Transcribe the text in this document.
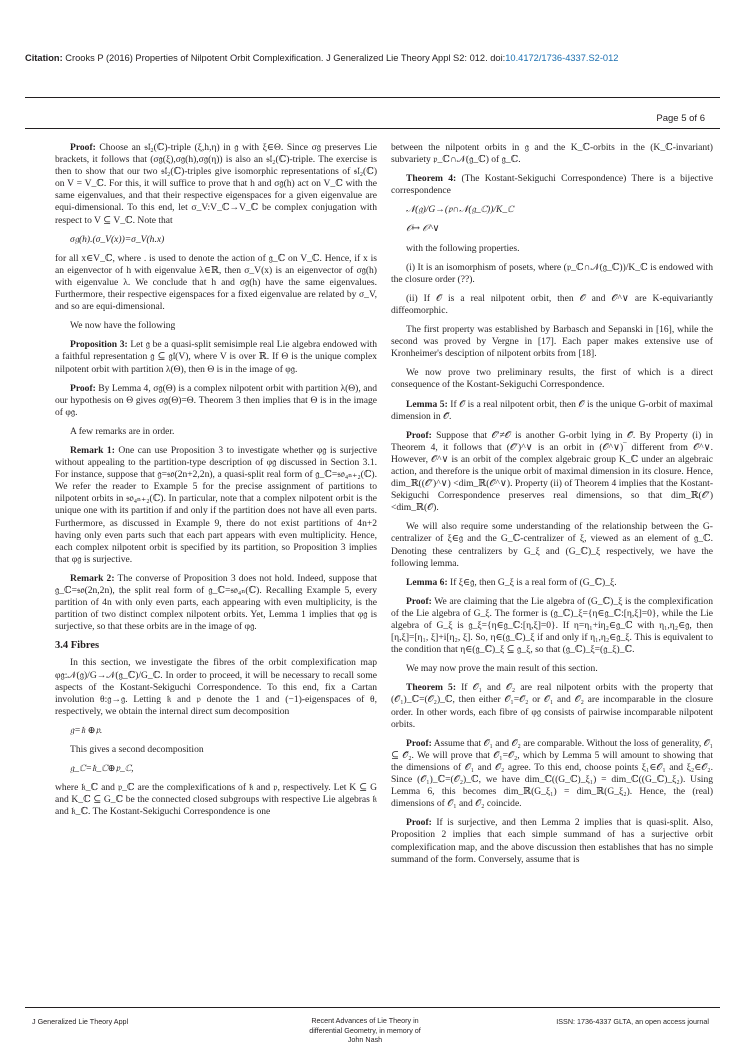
Citation: Crooks P (2016) Properties of Nilpotent Orbit Complexification. J Generalized Lie Theory Appl S2: 012. doi:10.4172/1736-4337.S2-012
Page 5 of 6

Proof: Choose an 𝔰𝔩₂(ℂ)-triple (ξ,h,η) in 𝔤 with ξ∈Θ. Since σ𝔤 preserves Lie brackets, it follows that (σ𝔤(ξ),σ𝔤(h),σ𝔤(η)) is also an 𝔰𝔩₂(ℂ)-triple. The exercise is then to show that our two 𝔰𝔩₂(ℂ)-triples give isomorphic representations of 𝔰𝔩₂(ℂ) on V = V_ℂ. For this, it will suffice to prove that h and σ𝔤(h) act on V_ℂ with the same eigenvalues, and that their respective eigenspaces for a given eigenvalue are equi-dimensional. To this end, let σ_V:V_ℂ→V_ℂ be complex conjugation with respect to V ⊆ V_ℂ. Note that

σ𝔤(h).(σ_V(x))=σ_V(h.x)

for all x∈V_ℂ, where . is used to denote the action of 𝔤_ℂ on V_ℂ. Hence, if x is an eigenvector of h with eigenvalue λ∈ℝ, then σ_V(x) is an eigenvector of σ𝔤(h) with eigenvalue λ. We conclude that h and σ𝔤(h) have the same eigenvalues. Furthermore, their respective eigenspaces for a fixed eigenvalue are related by σ_V, and so are equi-dimensional.

We now have the following

Proposition 3: Let 𝔤 be a quasi-split semisimple real Lie algebra endowed with a faithful representation 𝔤 ⊆ 𝔤𝔩(V), where V is over ℝ. If Θ is the unique complex nilpotent orbit with partition λ(Θ), then Θ is in the image of φ𝔤.

Proof: By Lemma 4, σ𝔤(Θ) is a complex nilpotent orbit with partition λ(Θ), and our hypothesis on Θ gives σ𝔤(Θ)=Θ. Theorem 3 then implies that Θ is in the image of φ𝔤.

A few remarks are in order.

Remark 1: One can use Proposition 3 to investigate whether φ𝔤 is surjective without appealing to the partition-type description of φ𝔤 discussed in Section 3.1. For instance, suppose that 𝔤=𝔰𝔬(2n+2,2n), a quasi-split real form of 𝔤_ℂ=𝔰𝔬₄ₙ₊₂(ℂ). We refer the reader to Example 5 for the precise assignment of partitions to nilpotent orbits in 𝔰𝔬₄ₙ₊₂(ℂ). In particular, note that a complex nilpotent orbit is the unique one with its partition if and only if the partition does not have all even parts. Furthermore, as discussed in Example 9, there do not exist partitions of 4n+2 having only even parts such that each part appears with even multiplicity. Hence, each complex nilpotent orbit is specified by its partition, so Proposition 3 implies that φ𝔤 is surjective.

Remark 2: The converse of Proposition 3 does not hold. Indeed, suppose that 𝔤_ℂ=𝔰𝔬(2n,2n), the split real form of 𝔤_ℂ=𝔰𝔬₄ₙ(ℂ). Recalling Example 5, every partition of 4n with only even parts, each appearing with even multiplicity, is the partition of two distinct complex nilpotent orbits. Yet, Lemma 1 implies that φ𝔤 is surjective, so that these orbits are in the image of φ𝔤.

3.4 Fibres

In this section, we investigate the fibres of the orbit complexification map φ𝔤:𝒩(𝔤)/G→𝒩(𝔤_ℂ)/G_ℂ. In order to proceed, it will be necessary to recall some aspects of the Kostant-Sekiguchi Correspondence. To this end, fix a Cartan involution θ:𝔤→𝔤. Letting 𝔨 and 𝔭 denote the 1 and (−1)-eigenspaces of θ, respectively, we obtain the internal direct sum decomposition

𝔤=𝔨 ⊕𝔭.

This gives a second decomposition

𝔤_ℂ=𝔨_ℂ⊕𝔭_ℂ,

where 𝔨_ℂ and 𝔭_ℂ are the complexifications of 𝔨 and 𝔭, respectively. Let K ⊆ G and K_ℂ ⊆ G_ℂ be the connected closed subgroups with respective Lie algebras 𝔨 and 𝔨_ℂ. The Kostant-Sekiguchi Correspondence is one

between the nilpotent orbits in 𝔤 and the K_ℂ-orbits in the (K_ℂ-invariant) subvariety 𝔭_ℂ∩𝒩(𝔤_ℂ) of 𝔤_ℂ.

Theorem 4: (The Kostant-Sekiguchi Correspondence) There is a bijective correspondence

𝒩(𝔤)/G→(𝔭∩𝒩(𝔤_ℂ))/K_ℂ

𝒪↦ 𝒪^∨

with the following properties.

(i) It is an isomorphism of posets, where (𝔭_ℂ∩𝒩(𝔤_ℂ))/K_ℂ is endowed with the closure order (??).

(ii) If 𝒪 is a real nilpotent orbit, then 𝒪 and 𝒪^∨ are K-equivariantly diffeomorphic.

The first property was established by Barbasch and Sepanski in [16], while the second was proved by Vergne in [17]. Each paper makes extensive use of Kronheimer's desciption of nilpotent orbits from [18].

We now prove two preliminary results, the first of which is a direct consequence of the Kostant-Sekiguchi Correspondence.

Lemma 5: If 𝒪 is a real nilpotent orbit, then 𝒪 is the unique G-orbit of maximal dimension in 𝒪̄.

Proof: Suppose that 𝒪′≠𝒪 is another G-orbit lying in 𝒪̄. By Property (i) in Theorem 4, it follows that (𝒪′)^∨ is an orbit in (𝒪^∨)‾ different from 𝒪^∨. However, 𝒪^∨ is an orbit of the complex algebraic group K_ℂ under an algebraic action, and therefore is the unique orbit of maximal dimension in its closure. Hence, dim_ℝ((𝒪′)^∨) <dim_ℝ(𝒪^∨). Property (ii) of Theorem 4 implies that the Kostant-Sekiguchi Correspondence preserves real dimensions, so that dim_ℝ(𝒪′) <dim_ℝ(𝒪).

We will also require some understanding of the relationship between the G-centralizer of ξ∈𝔤 and the G_ℂ-centralizer of ξ, viewed as an element of 𝔤_ℂ. Denoting these centralizers by G_ξ and (G_ℂ)_ξ respectively, we have the following lemma.

Lemma 6: If ξ∈𝔤, then G_ξ is a real form of (G_ℂ)_ξ.

Proof: We are claiming that the Lie algebra of (G_ℂ)_ξ is the complexification of the Lie algebra of G_ξ. The former is (𝔤_ℂ)_ξ={η∈𝔤_ℂ:[η,ξ]=0}, while the Lie algebra of G_ξ is 𝔤_ξ={η∈𝔤_ℂ:[η,ξ]=0}. If η=η₁+iη₂∈𝔤_ℂ with η₁,η₂∈𝔤, then [η,ξ]=[η₁, ξ]+i[η₂, ξ]. So, η∈(𝔤_ℂ)_ξ if and only if η₁,η₂∈𝔤_ξ. This is equivalent to the condition that η∈(𝔤_ℂ)_ξ ⊆ 𝔤_ξ, so that (𝔤_ℂ)_ξ=(𝔤_ξ)_ℂ.

We may now prove the main result of this section.

Theorem 5: If 𝒪₁ and 𝒪₂ are real nilpotent orbits with the property that (𝒪₁)_ℂ=(𝒪₂)_ℂ, then either 𝒪₁=𝒪₂ or 𝒪₁ and 𝒪₂ are incomparable in the closure order. In other words, each fibre of φ𝔤 consists of pairwise incomparable nilpotent orbits.

Proof: Assume that 𝒪₁ and 𝒪₂ are comparable. Without the loss of generality, 𝒪₁ ⊆ 𝒪̄₂. We will prove that 𝒪₁=𝒪₂, which by Lemma 5 will amount to showing that the dimensions of 𝒪₁ and 𝒪₂ agree. To this end, choose points ξ₁∈𝒪₁ and ξ₂∈𝒪₂. Since (𝒪₁)_ℂ=(𝒪₂)_ℂ, we have dim_ℂ((G_ℂ)_ξ₁) = dim_ℂ((G_ℂ)_ξ₂). Using Lemma 6, this becomes dim_ℝ(G_ξ₁) = dim_ℝ(G_ξ₂). Hence, the (real) dimensions of 𝒪₁ and 𝒪₂ coincide.

Proof: If is surjective, and then Lemma 2 implies that is quasi-split. Also, Proposition 2 implies that each simple summand of has a surjective orbit complexification map, and the above discussion then establishes that has no simple summand of the form. Conversely, assume that is

J Generalized Lie Theory Appl	Recent Advances of Lie Theory in
differential Geometry, in memory of
John Nash
ISSN: 1736-4337 GLTA, an open access journal
